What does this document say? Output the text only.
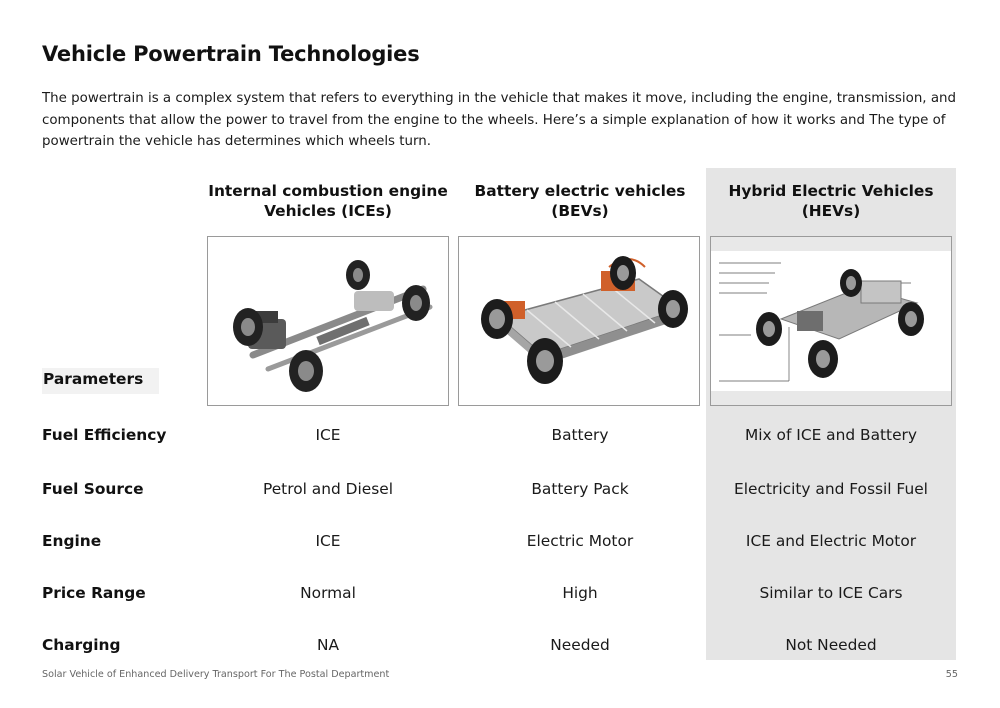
Vehicle Powertrain Technologies
The powertrain is a complex system that refers to everything in the vehicle that makes it move, including the engine, transmission, and components that allow the power to travel from the engine to the wheels. Here’s a simple explanation of how it works and The type of powertrain the vehicle has determines which wheels turn.
Internal combustion engine
Vehicles (ICEs)
Battery electric vehicles
(BEVs)
Hybrid Electric Vehicles
(HEVs)
Parameters
Fuel Efficiency	ICE	Battery	Mix of ICE and Battery
Fuel Source	Petrol and Diesel	Battery Pack	Electricity and Fossil Fuel
Engine	ICE	Electric Motor	ICE and Electric Motor
Price Range	Normal	High	Similar to ICE Cars
Charging	NA	Needed	Not Needed
Solar Vehicle of Enhanced Delivery Transport For The Postal Department	55
